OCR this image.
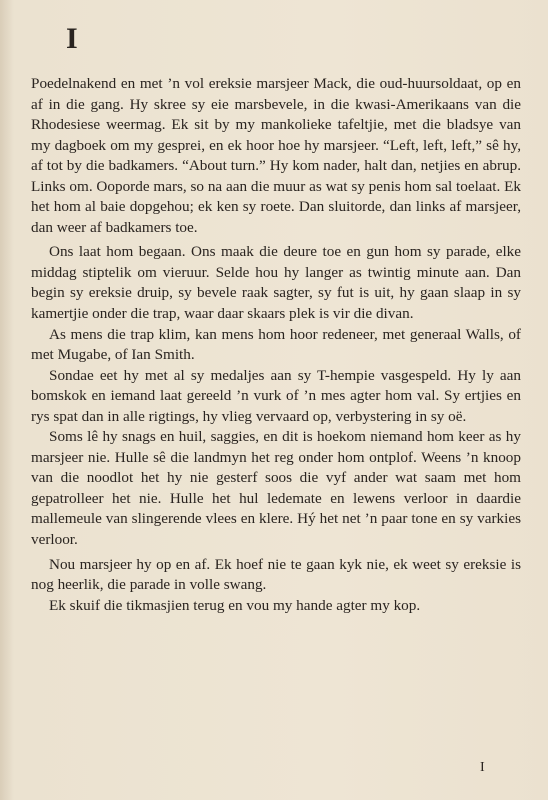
I

Poedelnakend en met ’n vol ereksie marsjeer Mack, die oud-huursoldaat, op en af in die gang. Hy skree sy eie marsbevele, in die kwasi-Amerikaans van die Rhodesiese weermag. Ek sit by my mankolieke tafeltjie, met die bladsye van my dagboek om my gesprei, en ek hoor hoe hy marsjeer. “Left, left, left,” sê hy, af tot by die badkamers. “About turn.” Hy kom nader, halt dan, netjies en abrup. Links om. Ooporde mars, so na aan die muur as wat sy penis hom sal toelaat. Ek het hom al baie dopgehou; ek ken sy roete. Dan sluitorde, dan links af marsjeer, dan weer af badkamers toe.

Ons laat hom begaan. Ons maak die deure toe en gun hom sy parade, elke middag stiptelik om vieruur. Selde hou hy langer as twintig minute aan. Dan begin sy ereksie druip, sy bevele raak sagter, sy fut is uit, hy gaan slaap in sy kamertjie onder die trap, waar daar skaars plek is vir die divan.

As mens die trap klim, kan mens hom hoor redeneer, met generaal Walls, of met Mugabe, of Ian Smith.

Sondae eet hy met al sy medaljes aan sy T-hempie vasgespeld. Hy ly aan bomskok en iemand laat gereeld ’n vurk of ’n mes agter hom val. Sy ertjies en rys spat dan in alle rigtings, hy vlieg vervaard op, verbystering in sy oë.

Soms lê hy snags en huil, saggies, en dit is hoekom niemand hom keer as hy marsjeer nie. Hulle sê die landmyn het reg onder hom ontplof. Weens ’n knoop van die noodlot het hy nie gesterf soos die vyf ander wat saam met hom gepatrolleer het nie. Hulle het hul ledemate en lewens verloor in daardie mallemeule van slingerende vlees en klere. Hý het net ’n paar tone en sy varkies verloor.

Nou marsjeer hy op en af. Ek hoef nie te gaan kyk nie, ek weet sy ereksie is nog heerlik, die parade in volle swang.

Ek skuif die tikmasjien terug en vou my hande agter my kop.

I
